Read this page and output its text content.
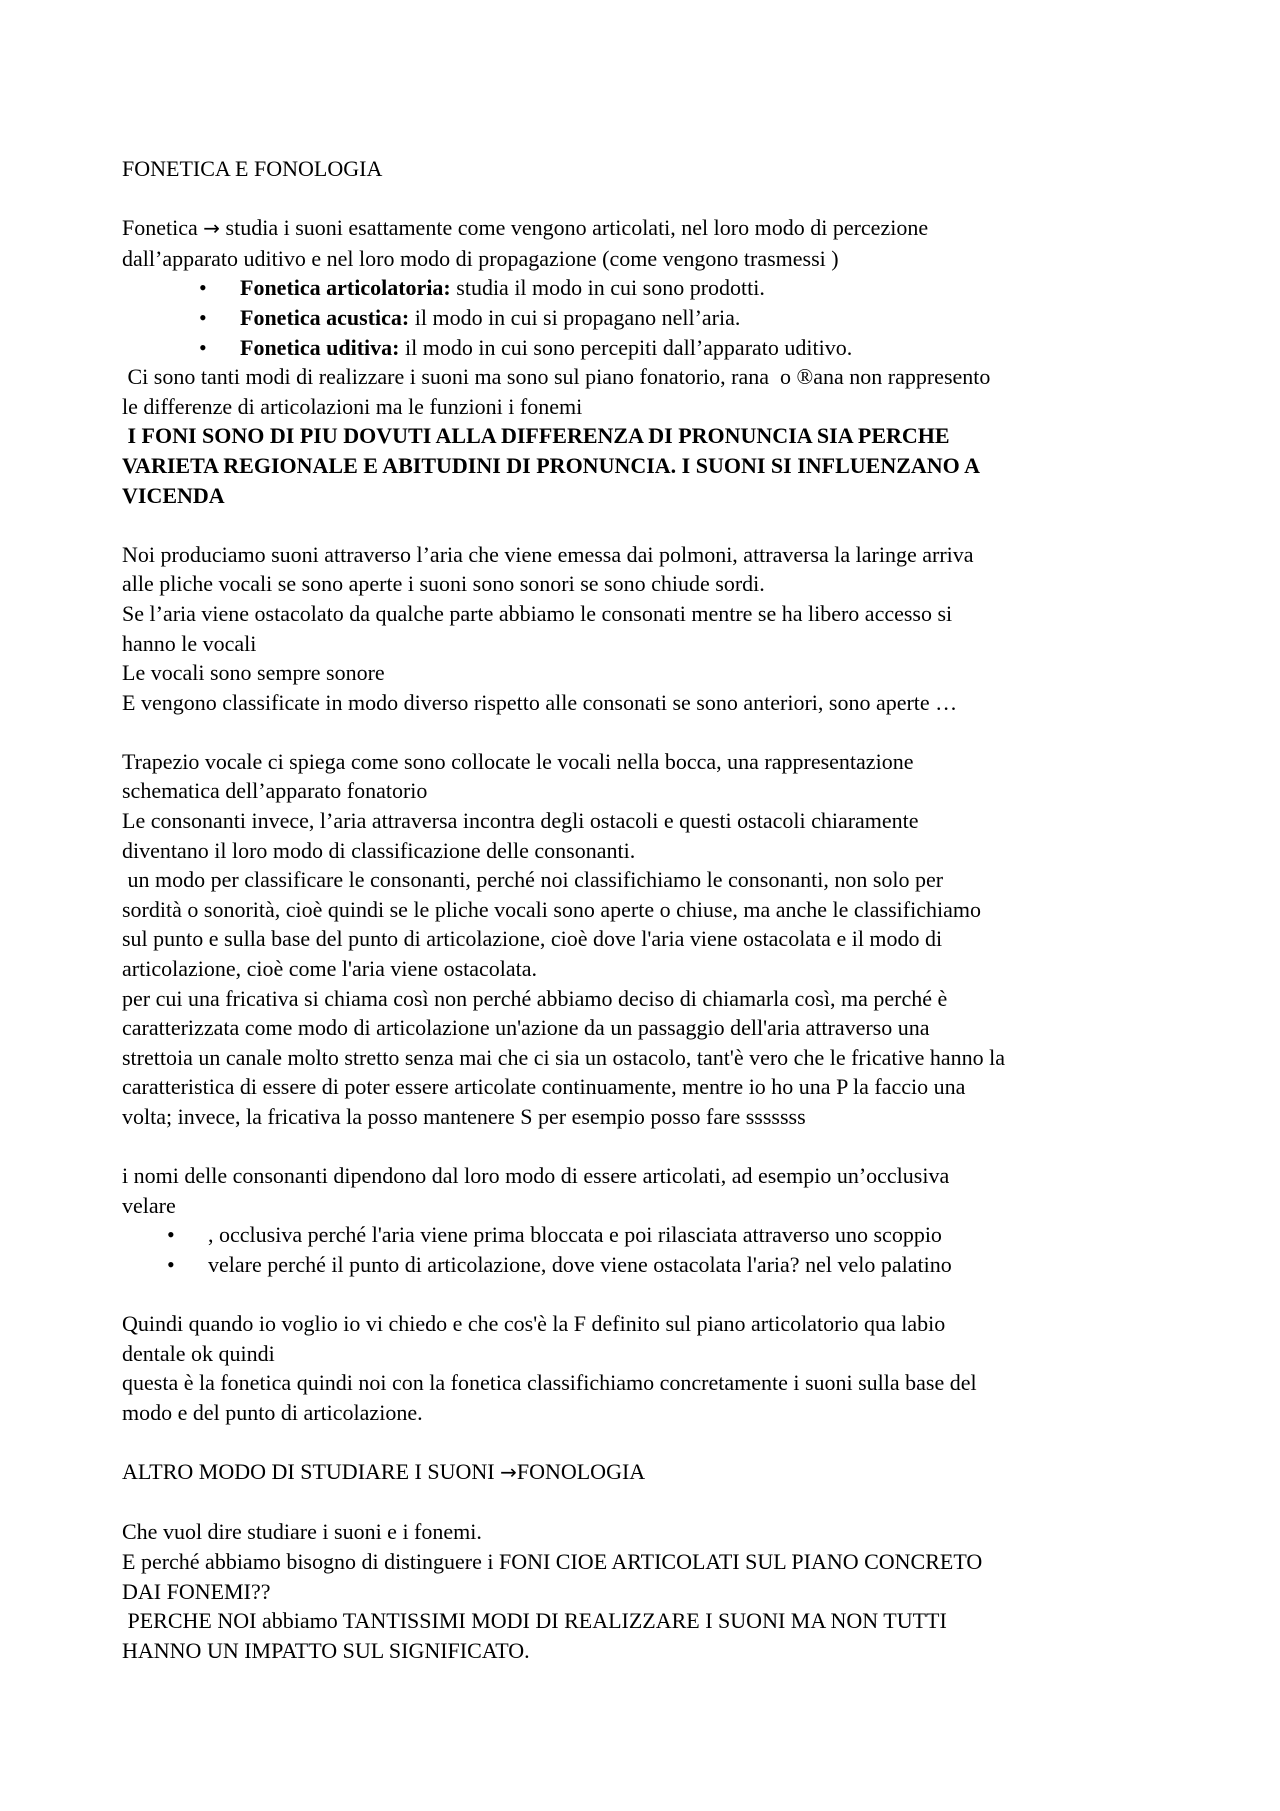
FONETICA E FONOLOGIA

Fonetica → studia i suoni esattamente come vengono articolati, nel loro modo di percezione

dall’apparato uditivo e nel loro modo di propagazione (come vengono trasmessi )

• Fonetica articolatoria: studia il modo in cui sono prodotti.
• Fonetica acustica: il modo in cui si propagano nell’aria.
• Fonetica uditiva: il modo in cui sono percepiti dall’apparato uditivo.

Ci sono tanti modi di realizzare i suoni ma sono sul piano fonatorio, rana  o ®ana non rappresento

le differenze di articolazioni ma le funzioni i fonemi

I FONI SONO DI PIU DOVUTI ALLA DIFFERENZA DI PRONUNCIA SIA PERCHE

VARIETA REGIONALE E ABITUDINI DI PRONUNCIA. I SUONI SI INFLUENZANO A

VICENDA

Noi produciamo suoni attraverso l’aria che viene emessa dai polmoni, attraversa la laringe arriva

alle pliche vocali se sono aperte i suoni sono sonori se sono chiude sordi.

Se l’aria viene ostacolato da qualche parte abbiamo le consonati mentre se ha libero accesso si

hanno le vocali

Le vocali sono sempre sonore

E vengono classificate in modo diverso rispetto alle consonati se sono anteriori, sono aperte …

Trapezio vocale ci spiega come sono collocate le vocali nella bocca, una rappresentazione

schematica dell’apparato fonatorio

Le consonanti invece, l’aria attraversa incontra degli ostacoli e questi ostacoli chiaramente

diventano il loro modo di classificazione delle consonanti.

un modo per classificare le consonanti, perché noi classifichiamo le consonanti, non solo per

sordità o sonorità, cioè quindi se le pliche vocali sono aperte o chiuse, ma anche le classifichiamo

sul punto e sulla base del punto di articolazione, cioè dove l'aria viene ostacolata e il modo di

articolazione, cioè come l'aria viene ostacolata.

per cui una fricativa si chiama così non perché abbiamo deciso di chiamarla così, ma perché è

caratterizzata come modo di articolazione un'azione da un passaggio dell'aria attraverso una

strettoia un canale molto stretto senza mai che ci sia un ostacolo, tant'è vero che le fricative hanno la

caratteristica di essere di poter essere articolate continuamente, mentre io ho una P la faccio una

volta; invece, la fricativa la posso mantenere S per esempio posso fare sssssss

i nomi delle consonanti dipendono dal loro modo di essere articolati, ad esempio un’occlusiva

velare

• , occlusiva perché l'aria viene prima bloccata e poi rilasciata attraverso uno scoppio
• velare perché il punto di articolazione, dove viene ostacolata l'aria? nel velo palatino

Quindi quando io voglio io vi chiedo e che cos'è la F definito sul piano articolatorio qua labio

dentale ok quindi

questa è la fonetica quindi noi con la fonetica classifichiamo concretamente i suoni sulla base del

modo e del punto di articolazione.

ALTRO MODO DI STUDIARE I SUONI →FONOLOGIA

Che vuol dire studiare i suoni e i fonemi.

E perché abbiamo bisogno di distinguere i FONI CIOE ARTICOLATI SUL PIANO CONCRETO

DAI FONEMI??

PERCHE NOI abbiamo TANTISSIMI MODI DI REALIZZARE I SUONI MA NON TUTTI

HANNO UN IMPATTO SUL SIGNIFICATO.
